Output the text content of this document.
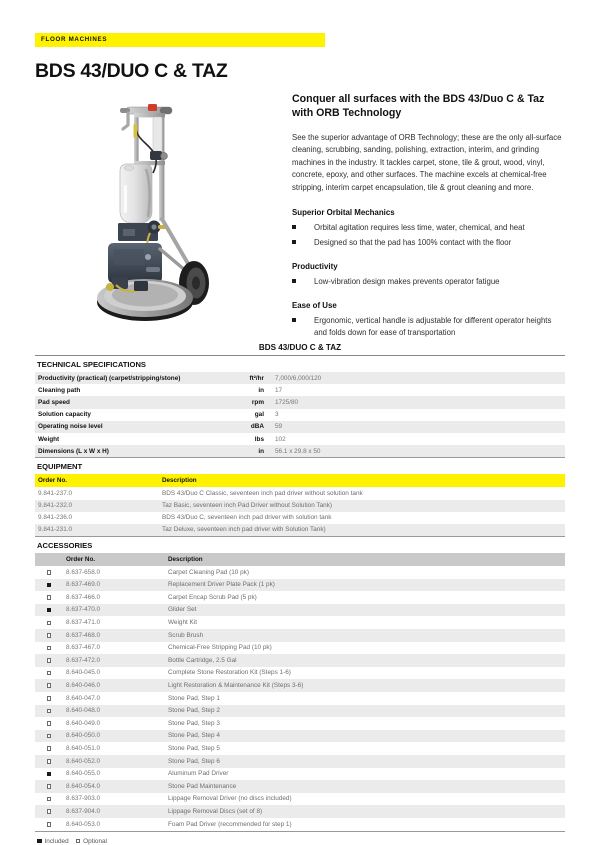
FLOOR MACHINES
BDS 43/DUO C & TAZ
Conquer all surfaces with the BDS 43/Duo C & Taz with ORB Technology

See the superior advantage of ORB Technology; these are the only all-surface cleaning, scrubbing, sanding, polishing, extraction, interim, and grinding machines in the industry. It tackles carpet, stone, tile & grout, wood, vinyl, concrete, epoxy, and other surfaces. The machine excels at chemical-free stripping, interim carpet encapsulation, tile & grout cleaning and more.

Superior Orbital Mechanics
Orbital agitation requires less time, water, chemical, and heat
Designed so that the pad has 100% contact with the floor
Productivity
Low-vibration design makes prevents operator fatigue
Ease of Use
Ergonomic, vertical handle is adjustable for different operator heights and folds down for ease of transportation
BDS 43/DUO C & TAZ
TECHNICAL SPECIFICATIONS
Productivity (practical) (carpet/stripping/stone)	ft²/hr	7,000/6,000/120
Cleaning path	in	17
Pad speed	rpm	1725/80
Solution capacity	gal	3
Operating noise level	dBA	59
Weight	lbs	102
Dimensions (L x W x H)	in	56.1 x 29.8 x 50
EQUIPMENT
Order No.	Description
9.841-237.0	BDS 43/Duo C Classic, seventeen inch pad driver without solution tank
9.841-232.0	Taz Basic, seventeen inch Pad Driver without Solution Tank)
9.841-236.0	BDS 43/Duo C, seventeen inch pad driver with solution tank
9.841-231.0	Taz Deluxe, seventeen inch pad driver with Solution Tank)
ACCESSORIES
	Order No.	Description
	8.637-658.0	Carpet Cleaning Pad (10 pk)
	8.637-469.0	Replacement Driver Plate Pack (1 pk)
	8.637-466.0	Carpet Encap Scrub Pad (5 pk)
	8.637-470.0	Glider Set
	8.637-471.0	Weight Kit
	8.637-468.0	Scrub Brush
	8.637-467.0	Chemical-Free Stripping Pad (10 pk)
	8.637-472.0	Bottle Cartridge, 2.5 Gal
	8.640-045.0	Complete Stone Restoration Kit (Steps 1-6)
	8.640-046.0	Light Restoration & Maintenance Kit (Steps 3-6)
	8.640-047.0	Stone Pad, Step 1
	8.640-048.0	Stone Pad, Step 2
	8.640-049.0	Stone Pad, Step 3
	8.640-050.0	Stone Pad, Step 4
	8.640-051.0	Stone Pad, Step 5
	8.640-052.0	Stone Pad, Step 6
	8.640-055.0	Aluminum Pad Driver
	8.640-054.0	Stone Pad Maintenance
	8.637-903.0	Lippage Removal Driver (no discs included)
	8.637-904.0	Lippage Removal Discs (set of 8)
	8.640-053.0	Foam Pad Driver (recommended for step 1)
Included Optional
